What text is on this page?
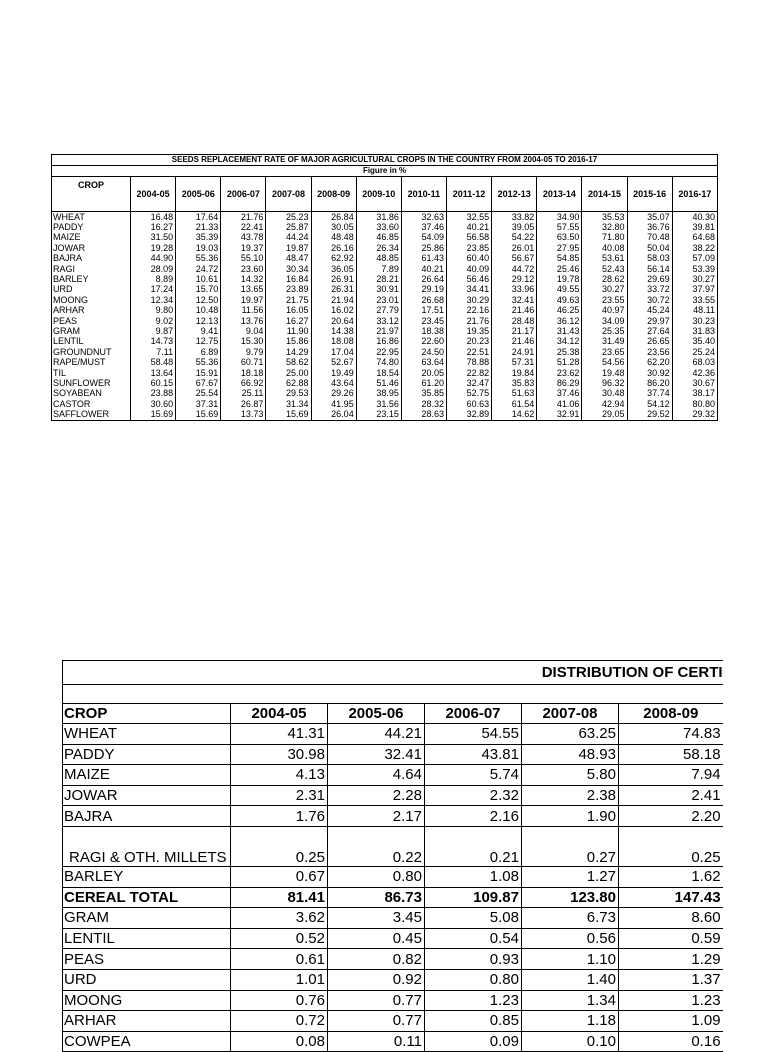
SEEDS REPLACEMENT RATE OF MAJOR AGRICULTURAL CROPS IN THE COUNTRY FROM 2004-05 TO 2016-17													
Figure in %													
CROP	2004-05	2005-06	2006-07	2007-08	2008-09	2009-10	2010-11	2011-12	2012-13	2013-14	2014-15	2015-16	2016-17
WHEAT	16.48	17.64	21.76	25.23	26.84	31.86	32.63	32.55	33.82	34.90	35.53	35.07	40.30
PADDY	16.27	21.33	22.41	25.87	30.05	33.60	37.46	40.21	39.05	57.55	32.80	36.76	39.81
MAIZE	31.50	35.39	43.78	44.24	48.48	46.85	54.09	56.58	54.22	63.50	71.80	70.48	64.68
JOWAR	19.28	19.03	19.37	19.87	26.16	26.34	25.86	23.85	26.01	27.95	40.08	50.04	38.22
BAJRA	44.90	55.36	55.10	48.47	62.92	48.85	61.43	60.40	56.67	54.85	53.61	58.03	57.09
RAGI	28.09	24.72	23.60	30.34	36.05	7.89	40.21	40.09	44.72	25.46	52.43	56.14	53.39
BARLEY	8.89	10.61	14.32	16.84	26.91	28.21	26.64	56.46	29.12	19.78	28.62	29.69	30.27
URD	17.24	15.70	13.65	23.89	26.31	30.91	29.19	34.41	33.96	49.55	30.27	33.72	37.97
MOONG	12.34	12.50	19.97	21.75	21.94	23.01	26.68	30.29	32.41	49.63	23.55	30.72	33.55
ARHAR	9.80	10.48	11.56	16.05	16.02	27.79	17.51	22.16	21.46	46.25	40.97	45.24	48.11
PEAS	9.02	12.13	13.76	16.27	20.64	33.12	23.45	21.76	28.48	36.12	34.09	29.97	30.23
GRAM	9.87	9.41	9.04	11.90	14.38	21.97	18.38	19.35	21.17	31.43	25.35	27.64	31.83
LENTIL	14.73	12.75	15.30	15.86	18.08	16.86	22.60	20.23	21.46	34.12	31.49	26.65	35.40
GROUNDNUT	7.11	6.89	9.79	14.29	17.04	22.95	24.50	22.51	24.91	25.38	23.65	23.56	25.24
RAPE/MUST	58.48	55.36	60.71	58.62	52.67	74.80	63.64	78.88	57.31	51.28	54.56	62.20	68.03
TIL	13.64	15.91	18.18	25.00	19.49	18.54	20.05	22.82	19.84	23.62	19.48	30.92	42.36
SUNFLOWER	60.15	67.67	66.92	62.88	43.64	51.46	61.20	32.47	35.83	86.29	96.32	86.20	30.67
SOYABEAN	23.88	25.54	25.11	29.53	29.26	38.95	35.85	52.75	51.63	37.46	30.48	37.74	38.17
CASTOR	30.60	37.31	26.87	31.34	41.95	31.56	28.32	60.63	61.54	41.06	42.94	54.12	80.80
SAFFLOWER	15.69	15.69	13.73	15.69	26.04	23.15	28.63	32.89	14.62	32.91	29.05	29.52	29.32
DISTRIBUTION OF CERTI					

CROP	2004-05	2005-06	2006-07	2007-08	2008-09
WHEAT	41.31	44.21	54.55	63.25	74.83
PADDY	30.98	32.41	43.81	48.93	58.18
MAIZE	4.13	4.64	5.74	5.80	7.94
JOWAR	2.31	2.28	2.32	2.38	2.41
BAJRA	1.76	2.17	2.16	1.90	2.20
RAGI & OTH. MILLETS	0.25	0.22	0.21	0.27	0.25
BARLEY	0.67	0.80	1.08	1.27	1.62
CEREAL TOTAL	81.41	86.73	109.87	123.80	147.43
GRAM	3.62	3.45	5.08	6.73	8.60
LENTIL	0.52	0.45	0.54	0.56	0.59
PEAS	0.61	0.82	0.93	1.10	1.29
URD	1.01	0.92	0.80	1.40	1.37
MOONG	0.76	0.77	1.23	1.34	1.23
ARHAR	0.72	0.77	0.85	1.18	1.09
COWPEA	0.08	0.11	0.09	0.10	0.16
